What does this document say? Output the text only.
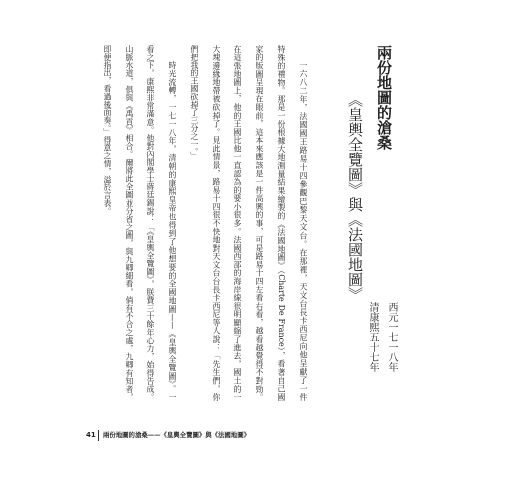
兩份地圖的滄桑
《皇輿全覽圖》與《法國地圖》
西元一七一八年
清康熙五十七年
一六八二年，法國國王路易十四參觀巴黎天文台。在那裡，天文台長卡西尼向他呈獻了一件
特殊的禮物。那是一份根據大地測量結果繪製的《法國地圖》（Charte De France），看著自己國
家的版圖呈現在眼前，這本來應該是一件高興的事，可是路易十四左看右看，越看越覺得不對勁。
在這張地圖上，他的王國比他一直認為的要小很多。法國西部的海岸線很明顯縮了進去，國土的一
大塊邊緣地帶被砍掉了。見此情景，路易十四很不快地對天文台台長卡西尼等人說：「先生們，你
們把我的王國砍掉了三分之一。」
時光流轉，一七一八年，清朝的康熙皇帝也得到了他想要的全國地圖——《皇輿全覽圖》。一
看之下，康熙非常滿意。他對內閣學士蔣廷錫說：「《皇輿全覽圖》，朕費三十餘年心力，始得告成。
山脈水道，俱與《禹貢》相合。爾將此全圖並分省之圖，與九卿細看，倘有不合之處，九卿有知者，
即便指出，看過後面奏。」得意之情，溢於言表。
41 兩份地圖的滄桑——《皇輿全覽圖》與《法國地圖》
